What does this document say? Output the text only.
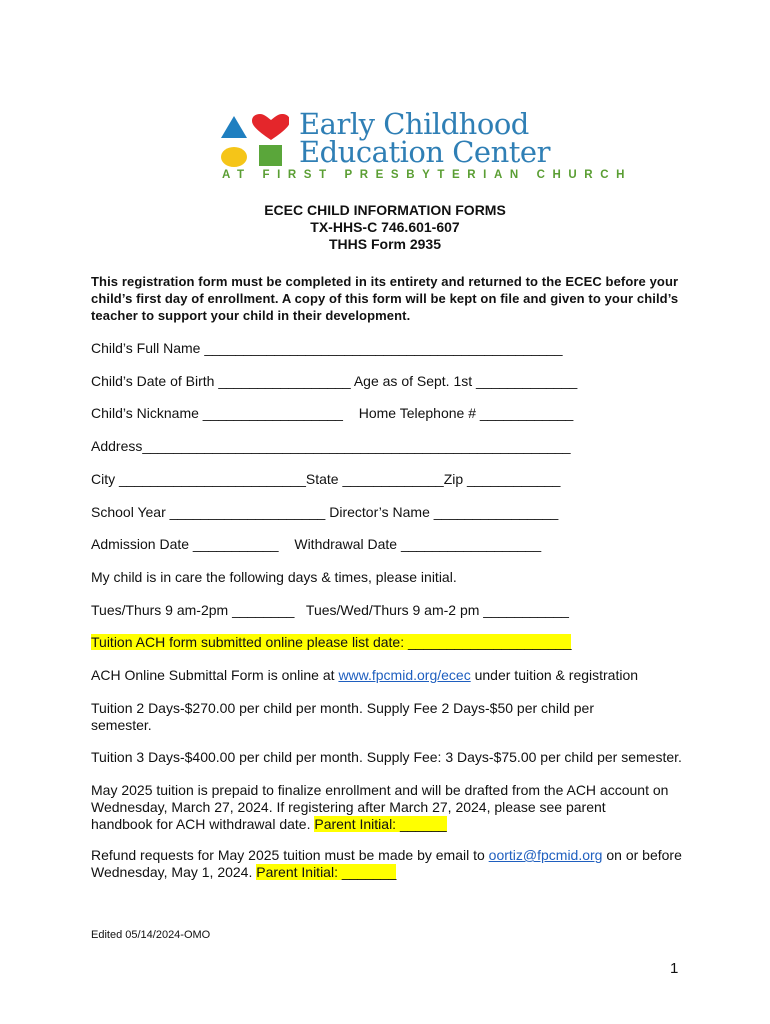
Early Childhood
Education Center
AT FIRST PRESBYTERIAN CHURCH
ECEC CHILD INFORMATION FORMS
TX-HHS-C 746.601-607
THHS Form 2935
This registration form must be completed in its entirety and returned to the ECEC before your child’s first day of enrollment. A copy of this form will be kept on file and given to your child’s teacher to support your child in their development.
Child’s Full Name ______________________________________________
Child’s Date of Birth _________________ Age as of Sept. 1st _____________
Child’s Nickname __________________ Home Telephone # ____________
Address_______________________________________________________
City ________________________State _____________Zip ____________
School Year ____________________ Director’s Name ________________
Admission Date ___________ Withdrawal Date __________________
My child is in care the following days & times, please initial.
Tues/Thurs 9 am-2pm ________ Tues/Wed/Thurs 9 am-2 pm ___________
Tuition ACH form submitted online please list date: _____________________
ACH Online Submittal Form is online at www.fpcmid.org/ecec under tuition & registration
Tuition 2 Days-$270.00 per child per month. Supply Fee 2 Days-$50 per child per semester.
Tuition 3 Days-$400.00 per child per month. Supply Fee: 3 Days-$75.00 per child per semester.
May 2025 tuition is prepaid to finalize enrollment and will be drafted from the ACH account on Wednesday, March 27, 2024. If registering after March 27, 2024, please see parent handbook for ACH withdrawal date. Parent Initial: ______
Refund requests for May 2025 tuition must be made by email to oortiz@fpcmid.org on or before Wednesday, May 1, 2024. Parent Initial: _______
Edited 05/14/2024-OMO
1
